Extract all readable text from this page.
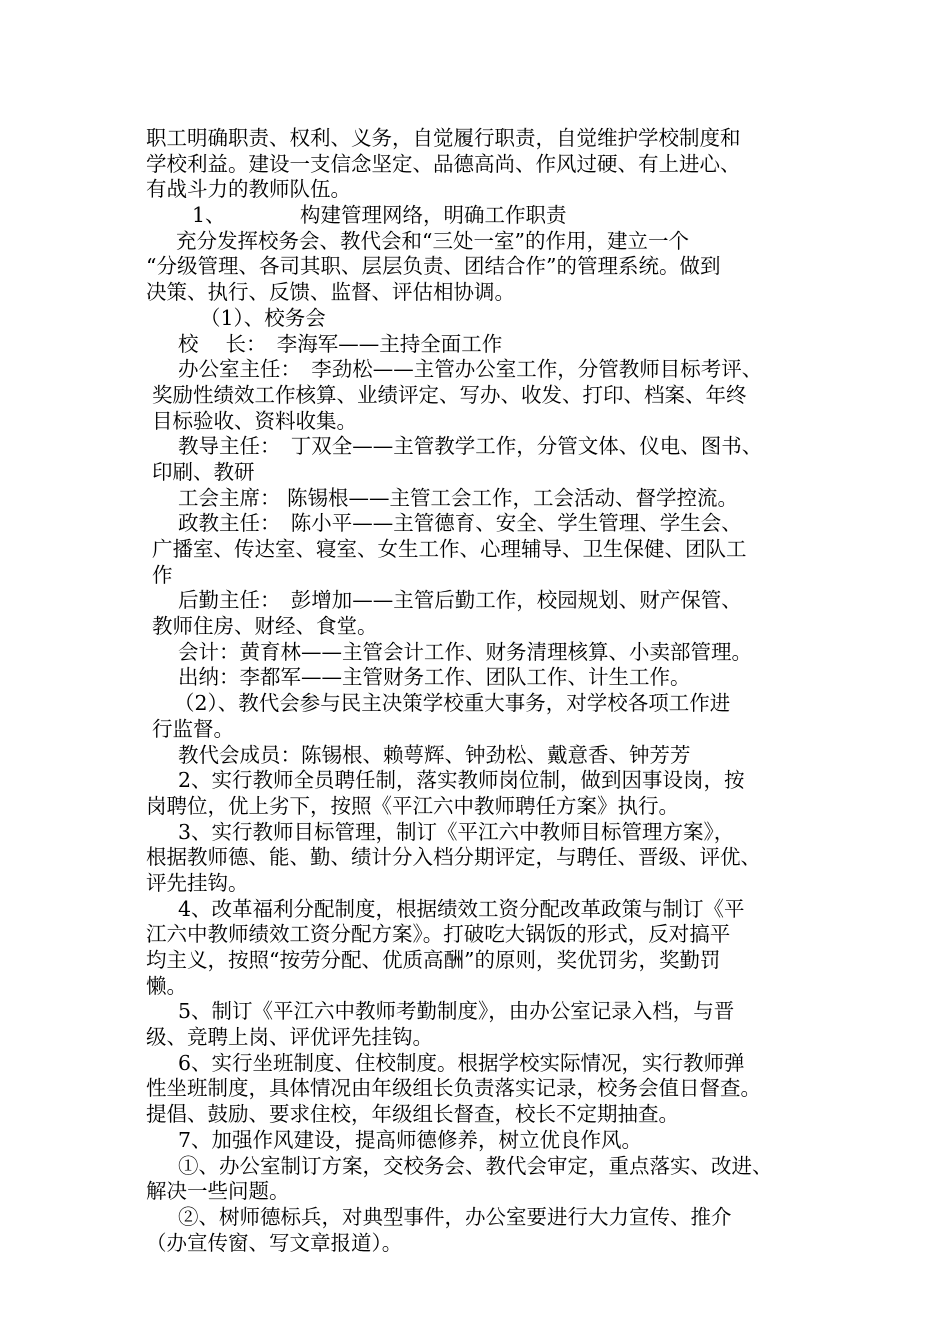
职工明确职责、权利、义务，自觉履行职责，自觉维护学校制度和
学校利益。建设一支信念坚定、品德高尚、作风过硬、有上进心、
有战斗力的教师队伍。
1、	构建管理网络，明确工作职责
充分发挥校务会、教代会和“三处一室”的作用，建立一个
“分级管理、各司其职、层层负责、团结合作”的管理系统。做到
决策、执行、反馈、监督、评估相协调。
（1）、校务会
校　 长：　李海军——主持全面工作
办公室主任：　李劲松——主管办公室工作，分管教师目标考评、
奖励性绩效工作核算、业绩评定、写办、收发、打印、档案、年终
目标验收、资料收集。
教导主任：　丁双全——主管教学工作，分管文体、仪电、图书、
印刷、教研
工会主席： 陈锡根——主管工会工作，工会活动、督学控流。
政教主任：　陈小平——主管德育、安全、学生管理、学生会、
广播室、传达室、寝室、女生工作、心理辅导、卫生保健、团队工
作
后勤主任：　彭增加——主管后勤工作，校园规划、财产保管、
教师住房、财经、食堂。
会计：黄育林——主管会计工作、财务清理核算、小卖部管理。
出纳：李都军——主管财务工作、团队工作、计生工作。
（2）、教代会参与民主决策学校重大事务，对学校各项工作进
行监督。
教代会成员：陈锡根、赖萼辉、钟劲松、戴意香、钟芳芳
2、实行教师全员聘任制，落实教师岗位制，做到因事设岗，按
岗聘位，优上劣下，按照《平江六中教师聘任方案》执行。
3、实行教师目标管理，制订《平江六中教师目标管理方案》，
根据教师德、能、勤、绩计分入档分期评定，与聘任、晋级、评优、
评先挂钩。
4、改革福利分配制度，根据绩效工资分配改革政策与制订《平
江六中教师绩效工资分配方案》。打破吃大锅饭的形式，反对搞平
均主义，按照“按劳分配、优质高酬”的原则，奖优罚劣，奖勤罚
懒。
5、制订《平江六中教师考勤制度》，由办公室记录入档，与晋
级、竞聘上岗、评优评先挂钩。
6、实行坐班制度、住校制度。根据学校实际情况，实行教师弹
性坐班制度，具体情况由年级组长负责落实记录，校务会值日督查。
提倡、鼓励、要求住校，年级组长督查，校长不定期抽查。
7、加强作风建设，提高师德修养，树立优良作风。
①、办公室制订方案，交校务会、教代会审定，重点落实、改进、
解决一些问题。
②、树师德标兵，对典型事件，办公室要进行大力宣传、推介
（办宣传窗、写文章报道）。
